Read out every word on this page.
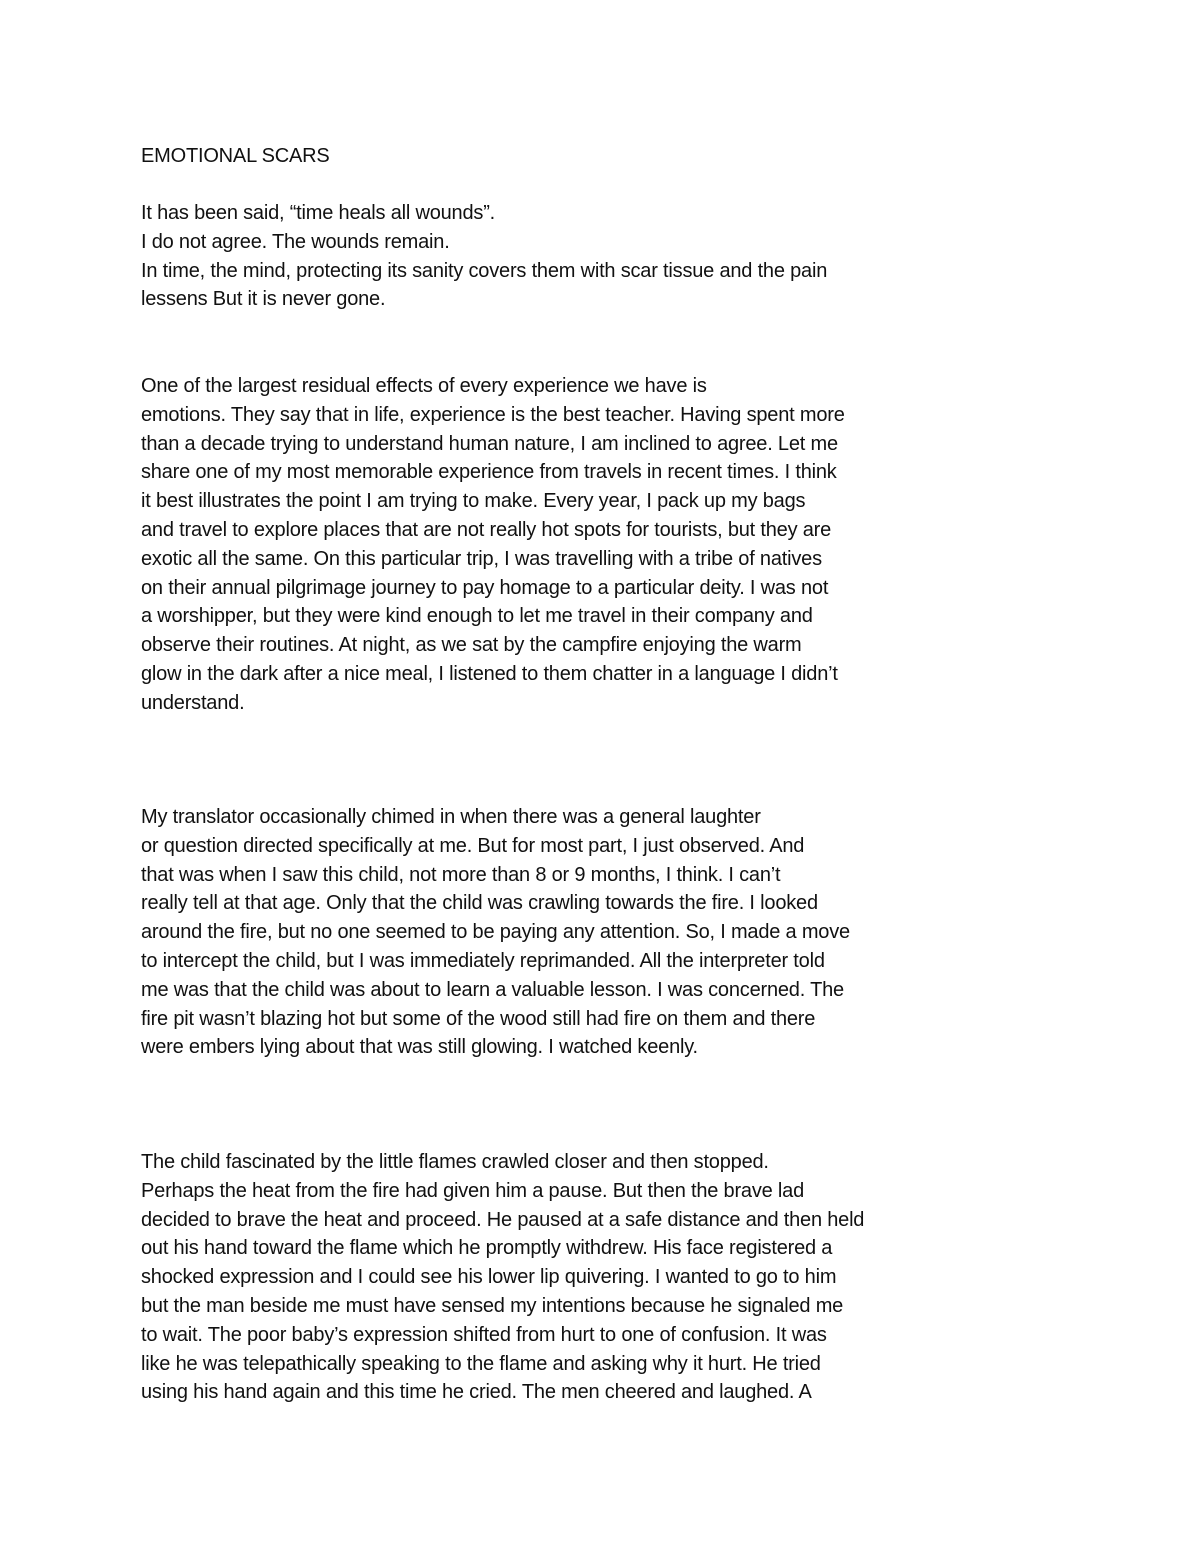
EMOTIONAL SCARS
It has been said, “time heals all wounds”.
I do not agree. The wounds remain.
In time, the mind, protecting its sanity covers them with scar tissue and the pain
lessens But it is never gone.
One of the largest residual effects of every experience we have is
emotions. They say that in life, experience is the best teacher. Having spent more
than a decade trying to understand human nature, I am inclined to agree. Let me
share one of my most memorable experience from travels in recent times. I think
it best illustrates the point I am trying to make. Every year, I pack up my bags
and travel to explore places that are not really hot spots for tourists, but they are
exotic all the same. On this particular trip, I was travelling with a tribe of natives
on their annual pilgrimage journey to pay homage to a particular deity. I was not
a worshipper, but they were kind enough to let me travel in their company and
observe their routines. At night, as we sat by the campfire enjoying the warm
glow in the dark after a nice meal, I listened to them chatter in a language I didn’t
understand.
My translator occasionally chimed in when there was a general laughter
or question directed specifically at me. But for most part, I just observed. And
that was when I saw this child, not more than 8 or 9 months, I think. I can’t
really tell at that age. Only that the child was crawling towards the fire. I looked
around the fire, but no one seemed to be paying any attention. So, I made a move
to intercept the child, but I was immediately reprimanded. All the interpreter told
me was that the child was about to learn a valuable lesson. I was concerned. The
fire pit wasn’t blazing hot but some of the wood still had fire on them and there
were embers lying about that was still glowing. I watched keenly.
The child fascinated by the little flames crawled closer and then stopped.
Perhaps the heat from the fire had given him a pause. But then the brave lad
decided to brave the heat and proceed. He paused at a safe distance and then held
out his hand toward the flame which he promptly withdrew. His face registered a
shocked expression and I could see his lower lip quivering. I wanted to go to him
but the man beside me must have sensed my intentions because he signaled me
to wait. The poor baby’s expression shifted from hurt to one of confusion. It was
like he was telepathically speaking to the flame and asking why it hurt. He tried
using his hand again and this time he cried. The men cheered and laughed. A
